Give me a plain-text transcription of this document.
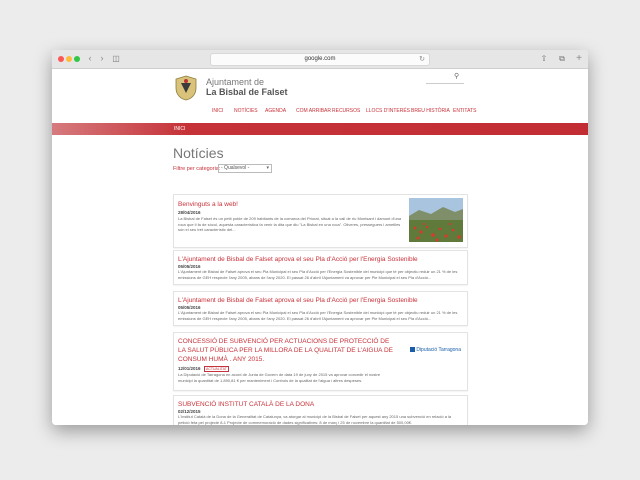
‹	›	◫	google.com	↻	⇧	⧉	+
Ajuntament de
La Bisbal de Falset
⚲
INICI NOTÍCIES AGENDA COM ARRIBAR RECURSOS LLOCS D'INTERÉS BREU HISTÒRIA ENTITATS
INICI
Notícies
Filtre per categoria: - Qualsevol -	▾
Benvinguts a la web!
28/04/2016
La Bisbal de Falset és un petit poble de 209 habitants de la comarca del Priorat, situat a la vall de riu Montsant i damunt d'una roca que li fa de sòcol, aquesta característica fa venir la dita que diu "La Bisbal en una roca". Oliveres, presseguers i ametlles són el seu tret característic del...
L'Ajuntament de Bisbal de Falset aprova el seu Pla d'Acció per l'Energia Sostenible
05/05/2016
L'Ajuntament de Bisbal de Falset aprova el seu Pla Municipal el seu Pla d'Acció per l'Energia Sostenible del municipi que té per objectiu reduir un 21 % de les emissions de GEH respecte l'any 2005, abans de l'any 2020. El passat 26 d'abril l'Ajuntament va aprovar per Ple Municipal el seu Pla d'Acció...
L'Ajuntament de Bisbal de Falset aprova el seu Pla d'Acció per l'Energia Sostenible
05/05/2016
L'Ajuntament de Bisbal de Falset aprova el seu Pla Municipal el seu Pla d'Acció per l'Energia Sostenible del municipi que té per objectiu reduir un 21 % de les emissions de GEH respecte l'any 2005, abans de l'any 2020. El passat 26 d'abril l'Ajuntament va aprovar per Ple Municipal el seu Pla d'Acció...
CONCESSIÓ DE SUBVENCIÓ PER ACTUACIONS DE PROTECCIÓ DE LA SALUT PÚBLICA PER LA MILLORA DE LA QUALITAT DE L'AIGUA DE CONSUM HUMÀ . ANY 2015.
12/01/2016	ACTUALITAT
La Diputació de Tarragona en acord de Junta de Govern de data 19 de juny de 2015 va aprovar concedir el nostre municipi la quantitat de 1.890,81 € per manteniment i Controls de la qualitat de l'aigua i altres despeses.
Diputació Tarragona
SUBVENCIÓ INSTITUT CATALÀ DE LA DONA
02/12/2015
L'Institut Català de la Dona de la Generalitat de Catalunya, va atorgar al municipi de la Bisbal de Falset per aquest any 2015 una subvenció en relació a la petició feta pel projecte 8-1 Projecte de commemoració de dades significatives: 8 de març i 25 de novembre la quantitat de 500,00€.
